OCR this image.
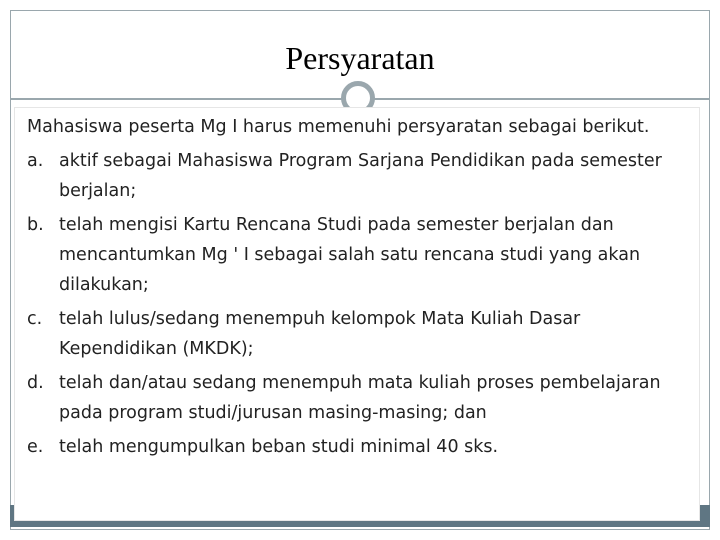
Persyaratan

Mahasiswa peserta Mg I harus memenuhi persyaratan sebagai berikut.

a. aktif sebagai Mahasiswa Program Sarjana Pendidikan pada semester berjalan;
b. telah mengisi Kartu Rencana Studi pada semester berjalan dan mencantumkan Mg ' I sebagai salah satu rencana studi yang akan dilakukan;
c. telah lulus/sedang menempuh kelompok Mata Kuliah Dasar Kependidikan (MKDK);
d. telah dan/atau sedang menempuh mata kuliah proses pembelajaran pada program studi/jurusan masing-masing; dan
e. telah mengumpulkan beban studi minimal 40 sks.
